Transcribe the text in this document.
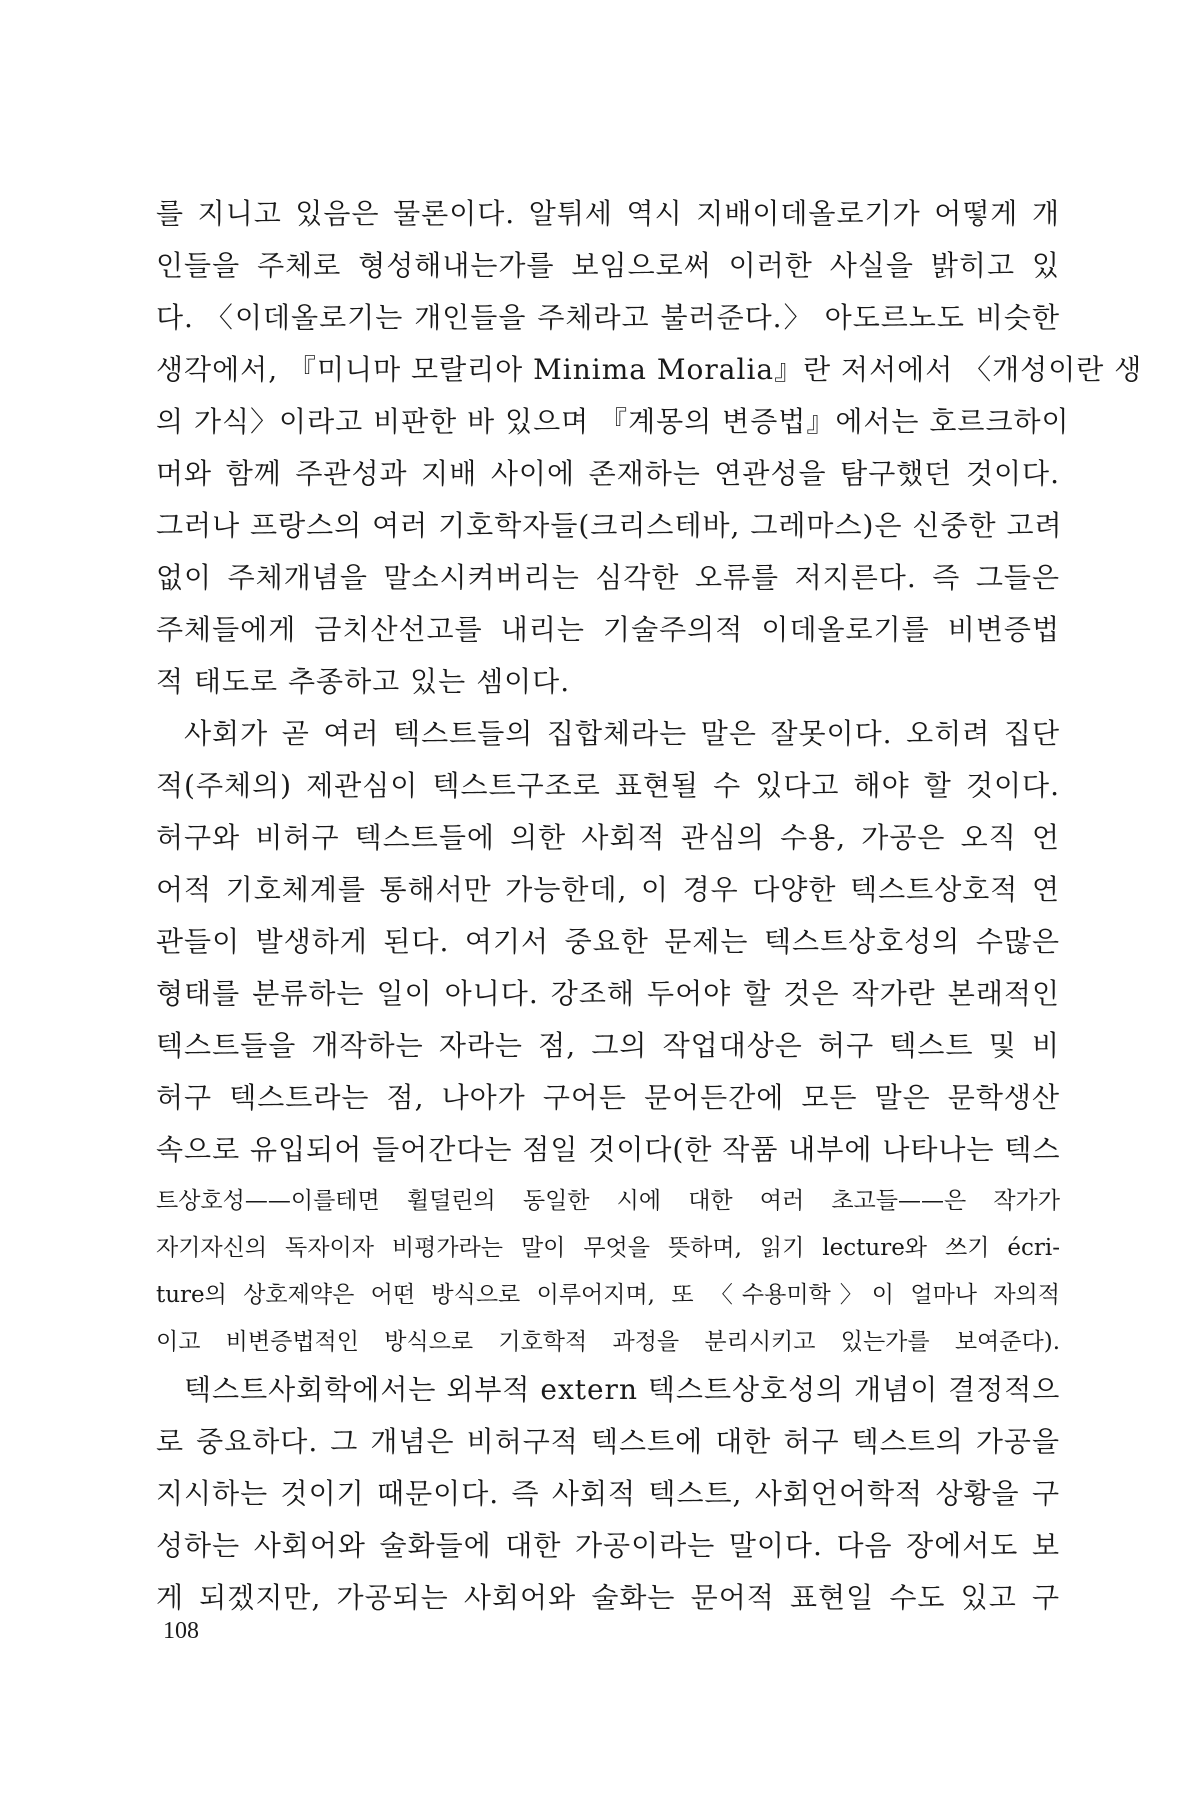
를 지니고 있음은 물론이다. 알튀세 역시 지배이데올로기가 어떻게 개
인들을 주체로 형성해내는가를 보임으로써 이러한 사실을 밝히고 있
다. 〈이데올로기는 개인들을 주체라고 불러준다.〉 아도르노도 비슷한
생각에서, 『미니마 모랄리아 Minima Moralia』란 저서에서 〈개성이란 생
의 가식〉이라고 비판한 바 있으며 『계몽의 변증법』에서는 호르크하이
머와 함께 주관성과 지배 사이에 존재하는 연관성을 탐구했던 것이다.
그러나 프랑스의 여러 기호학자들(크리스테바, 그레마스)은 신중한 고려
없이 주체개념을 말소시켜버리는 심각한 오류를 저지른다. 즉 그들은
주체들에게 금치산선고를 내리는 기술주의적 이데올로기를 비변증법
적 태도로 추종하고 있는 셈이다.
사회가 곧 여러 텍스트들의 집합체라는 말은 잘못이다. 오히려 집단
적(주체의) 제관심이 텍스트구조로 표현될 수 있다고 해야 할 것이다.
허구와 비허구 텍스트들에 의한 사회적 관심의 수용, 가공은 오직 언
어적 기호체계를 통해서만 가능한데, 이 경우 다양한 텍스트상호적 연
관들이 발생하게 된다. 여기서 중요한 문제는 텍스트상호성의 수많은
형태를 분류하는 일이 아니다. 강조해 두어야 할 것은 작가란 본래적인
텍스트들을 개작하는 자라는 점, 그의 작업대상은 허구 텍스트 및 비
허구 텍스트라는 점, 나아가 구어든 문어든간에 모든 말은 문학생산
속으로 유입되어 들어간다는 점일 것이다(한 작품 내부에 나타나는 텍스
트상호성——이를테면 휠덜린의 동일한 시에 대한 여러 초고들——은 작가가
자기자신의 독자이자 비평가라는 말이 무엇을 뜻하며, 읽기 lecture와 쓰기 écri-
ture의 상호제약은 어떤 방식으로 이루어지며, 또 〈수용미학〉이 얼마나 자의적
이고 비변증법적인 방식으로 기호학적 과정을 분리시키고 있는가를 보여준다).
텍스트사회학에서는 외부적 extern 텍스트상호성의 개념이 결정적으
로 중요하다. 그 개념은 비허구적 텍스트에 대한 허구 텍스트의 가공을
지시하는 것이기 때문이다. 즉 사회적 텍스트, 사회언어학적 상황을 구
성하는 사회어와 술화들에 대한 가공이라는 말이다. 다음 장에서도 보
게 되겠지만, 가공되는 사회어와 술화는 문어적 표현일 수도 있고 구
108
